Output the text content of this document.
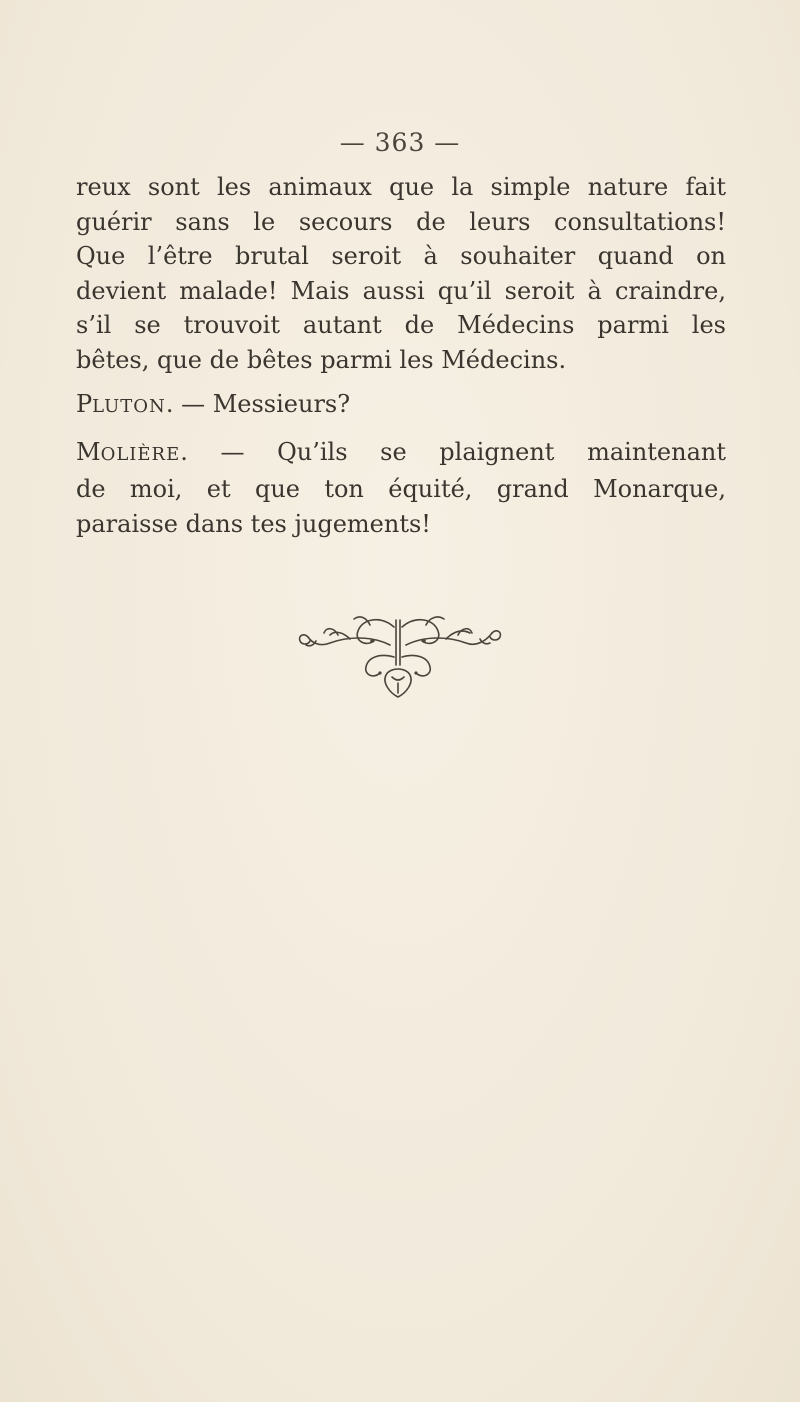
— 363 —
reux sont les animaux que la simple nature fait
guérir sans le secours de leurs consultations!
Que l’être brutal seroit à souhaiter quand on
devient malade! Mais aussi qu’il seroit à craindre,
s’il se trouvoit autant de Médecins parmi les
bêtes, que de bêtes parmi les Médecins.
PLUTON. — Messieurs?
MOLIÈRE. — Qu’ils se plaignent maintenant
de moi, et que ton équité, grand Monarque,
paraisse dans tes jugements!
